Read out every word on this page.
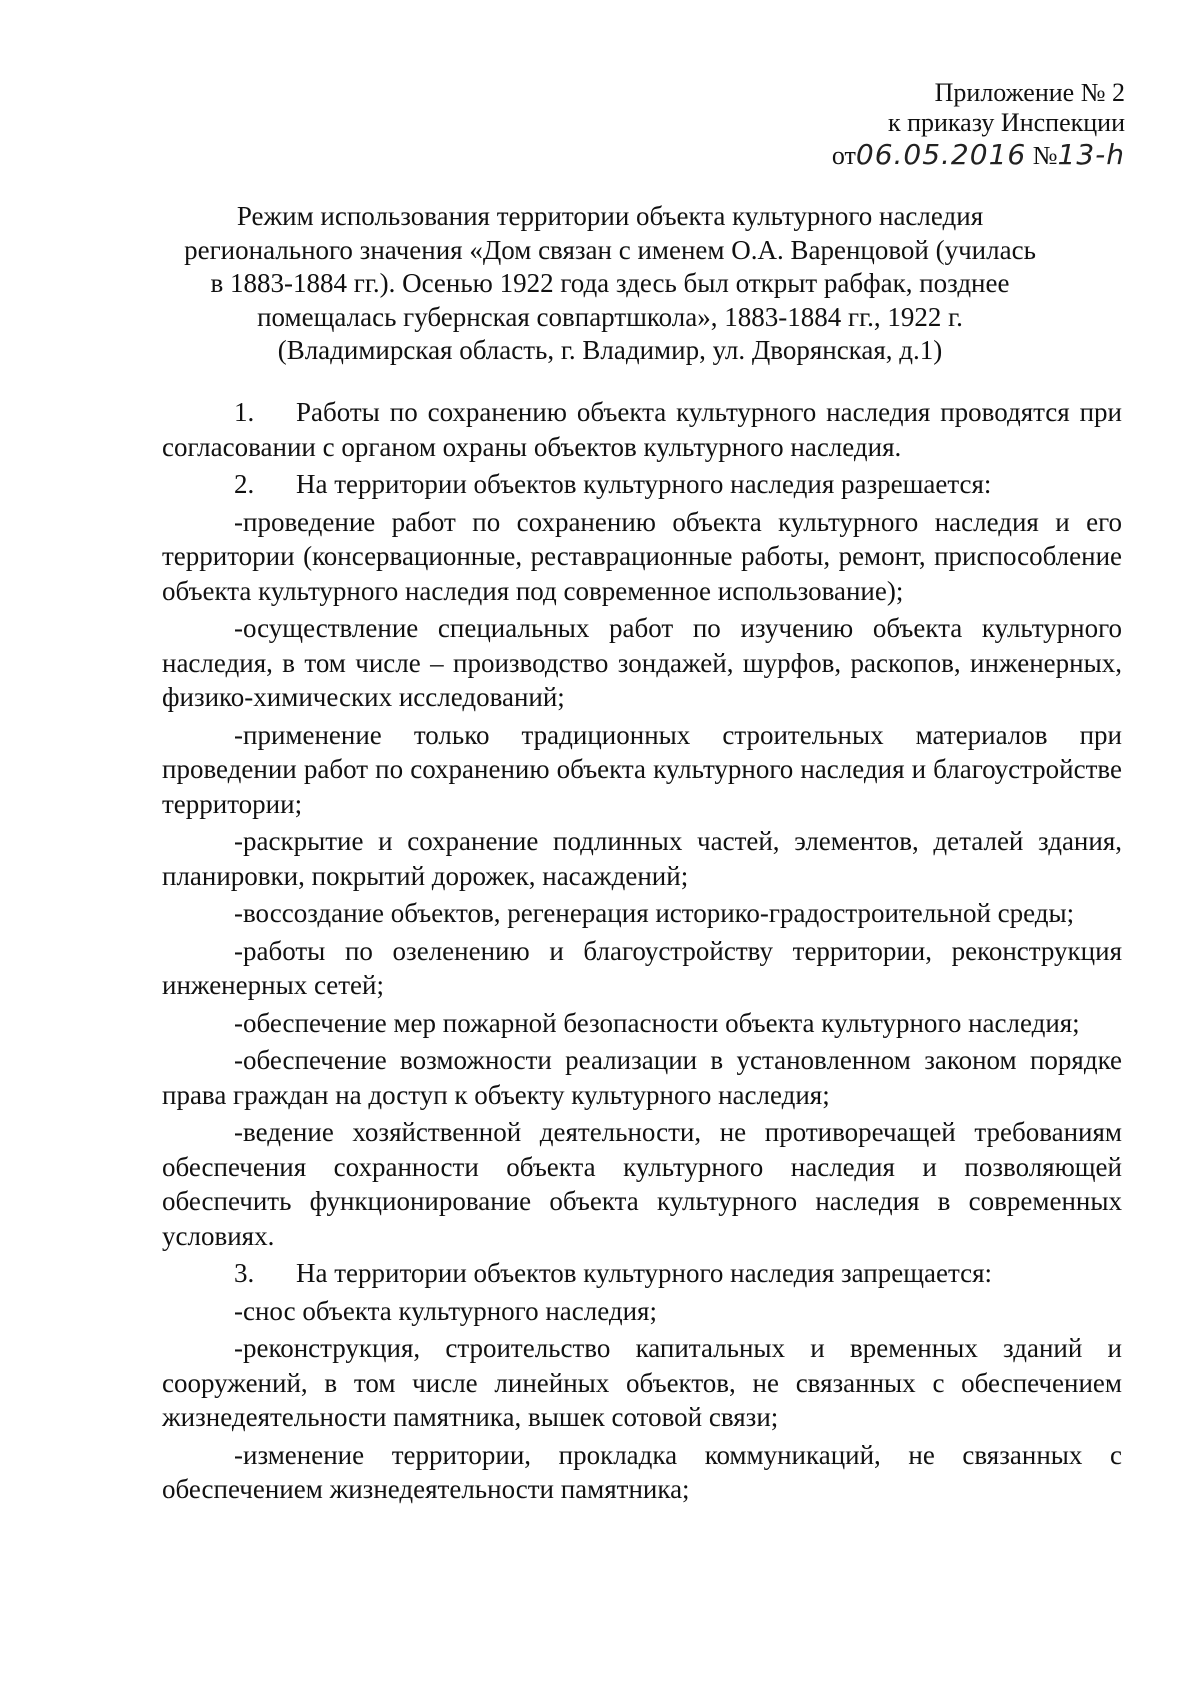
Приложение № 2
к приказу Инспекции
от06.05.2016 №13-h
Режим использования территории объекта культурного наследия
регионального значения «Дом связан с именем О.А. Варенцовой (училась
в 1883-1884 гг.). Осенью 1922 года здесь был открыт рабфак, позднее
помещалась губернская совпартшкола», 1883-1884 гг., 1922 г.
(Владимирская область, г. Владимир, ул. Дворянская, д.1)

1. Работы по сохранению объекта культурного наследия проводятся при согласовании с органом охраны объектов культурного наследия.

2. На территории объектов культурного наследия разрешается:

-проведение работ по сохранению объекта культурного наследия и его территории (консервационные, реставрационные работы, ремонт, приспособление объекта культурного наследия под современное использование);

-осуществление специальных работ по изучению объекта культурного наследия, в том числе – производство зондажей, шурфов, раскопов, инженерных, физико-химических исследований;

-применение только традиционных строительных материалов при проведении работ по сохранению объекта культурного наследия и благоустройстве территории;

-раскрытие и сохранение подлинных частей, элементов, деталей здания, планировки, покрытий дорожек, насаждений;

-воссоздание объектов, регенерация историко-градостроительной среды;

-работы по озеленению и благоустройству территории, реконструкция инженерных сетей;

-обеспечение мер пожарной безопасности объекта культурного наследия;

-обеспечение возможности реализации в установленном законом порядке права граждан на доступ к объекту культурного наследия;

-ведение хозяйственной деятельности, не противоречащей требованиям обеспечения сохранности объекта культурного наследия и позволяющей обеспечить функционирование объекта культурного наследия в современных условиях.

3. На территории объектов культурного наследия запрещается:

-снос объекта культурного наследия;

-реконструкция, строительство капитальных и временных зданий и сооружений, в том числе линейных объектов, не связанных с обеспечением жизнедеятельности памятника, вышек сотовой связи;

-изменение территории, прокладка коммуникаций, не связанных с обеспечением жизнедеятельности памятника;
